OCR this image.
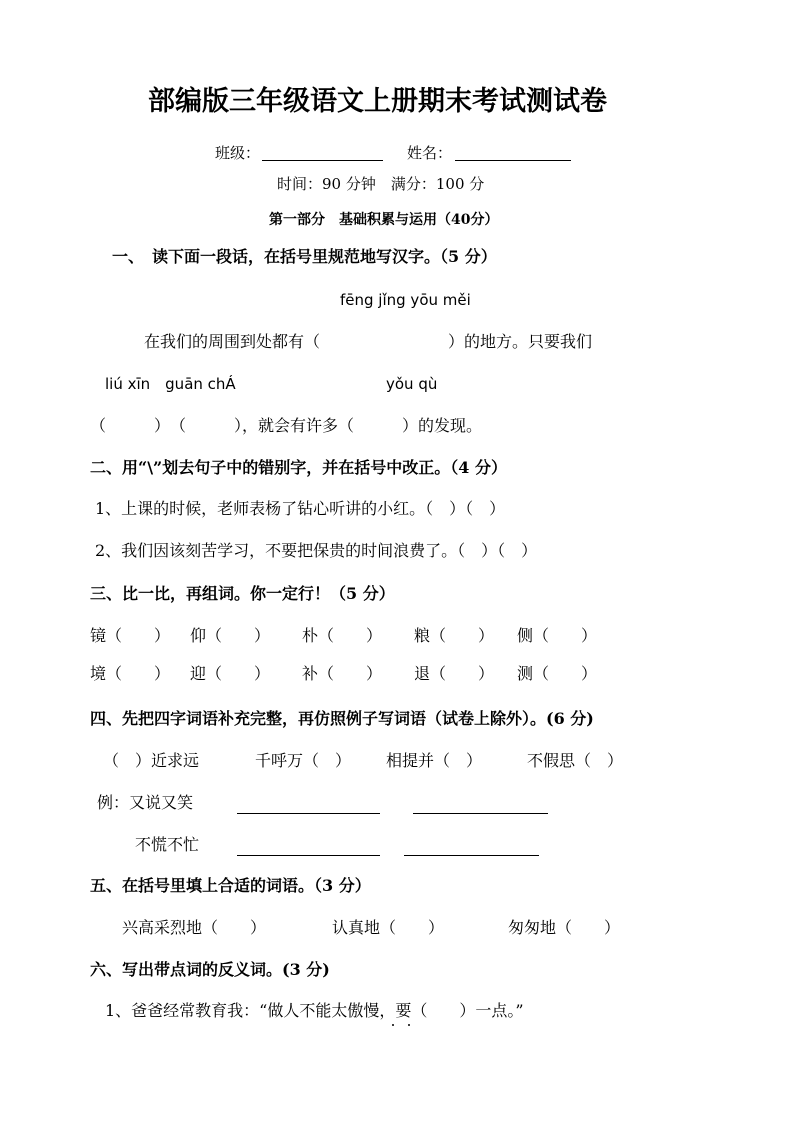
部编版三年级语文上册期末考试测试卷
班级：	姓名：
时间：90 分钟　满分：100 分
第一部分　基础积累与运用（40分）
一、　读下面一段话，在括号里规范地写汉字。（5 分）
fēng jǐng yōu měi
在我们的周围到处都有（　　　　　　　　）的地方。只要我们
liú xīn　guān chÁ	yǒu qù
（　　　）　（　　　），就会有许多（　　　）的发现。
二、用“\”划去句子中的错别字，并在括号中改正。（4 分）
1、上课的时候，老师表杨了钻心听讲的小红。（　）（　）
2、我们因该刻苦学习，不要把保贵的时间浪费了。（　）（　）
三、比一比，再组词。你一定行！（5 分）
镜（　　） 仰（　　） 朴（　　） 粮（　　） 侧（　　）
境（　　） 迎（　　） 补（　　） 退（　　） 测（　　）
四、先把四字词语补充完整，再仿照例子写词语（试卷上除外）。(6 分)
（　）近求远	千呼万（　） 相提并（　）	不假思（　）
例：又说又笑
不慌不忙
五、在括号里填上合适的词语。（3 分）
兴高采烈地（　　）	认真地（　　）	匆匆地（　　）
六、写出带点词的反义词。(3 分)
1、爸爸经常教育我：“做人不能太傲慢，要（　　）一点。”
